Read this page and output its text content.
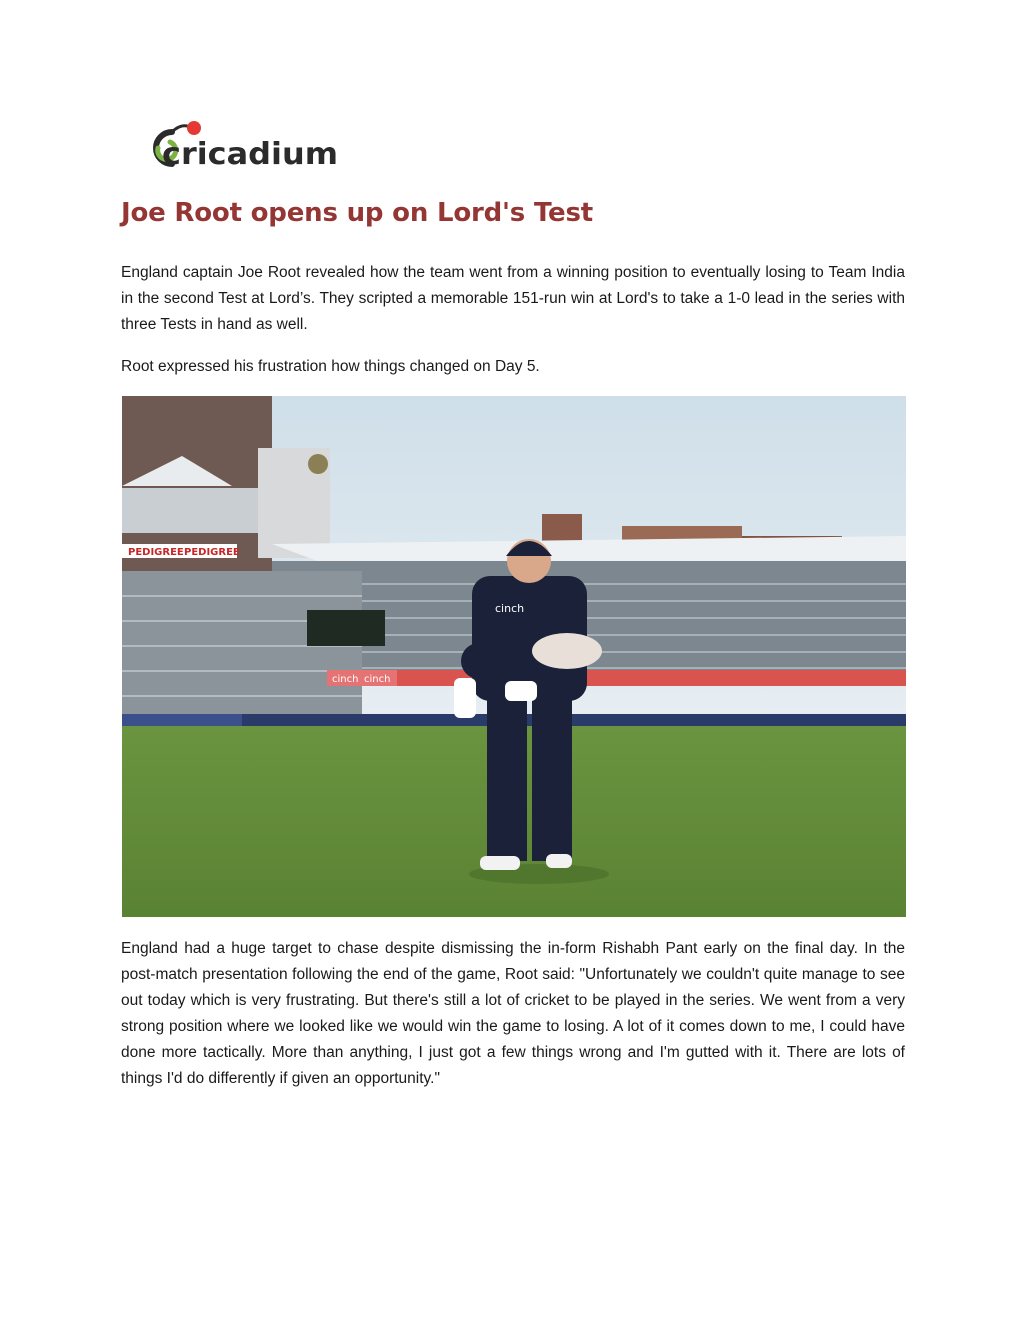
cricadium
Joe Root opens up on Lord's Test

England captain Joe Root revealed how the team went from a winning position to eventually losing to Team India in the second Test at Lord’s. They scripted a memorable 151-run win at Lord's to take a 1-0 lead in the series with three Tests in hand as well.

Root expressed his frustration how things changed on Day 5.

PEDIGREE PEDIGREE
cinch cinch
cinch

England had a huge target to chase despite dismissing the in-form Rishabh Pant early on the final day. In the post-match presentation following the end of the game, Root said: "Unfortunately we couldn't quite manage to see out today which is very frustrating. But there's still a lot of cricket to be played in the series. We went from a very strong position where we looked like we would win the game to losing. A lot of it comes down to me, I could have done more tactically. More than anything, I just got a few things wrong and I'm gutted with it. There are lots of things I'd do differently if given an opportunity."
